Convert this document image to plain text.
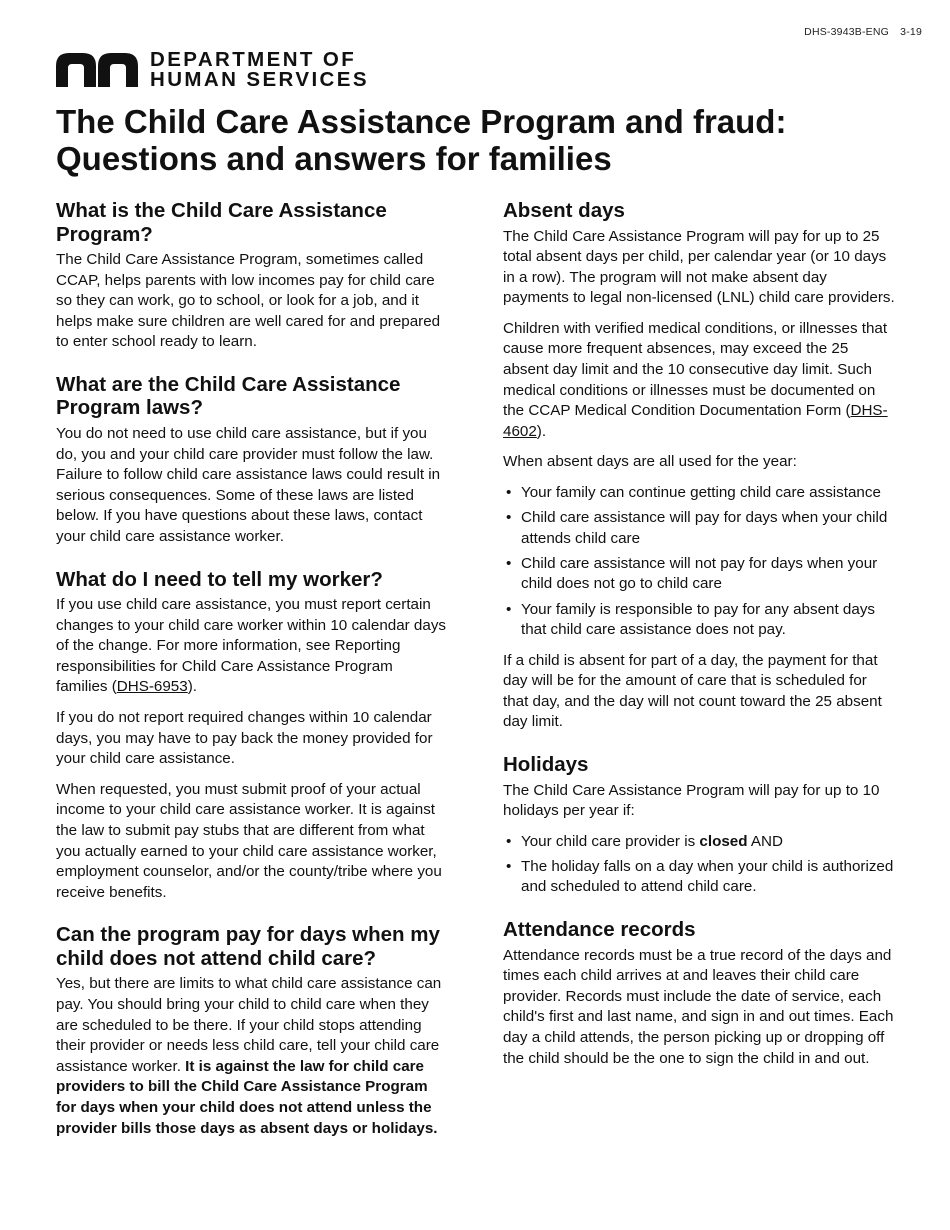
DHS-3943B-ENG 3-19
DEPARTMENT OF
HUMAN SERVICES
The Child Care Assistance Program and fraud:
Questions and answers for families
What is the Child Care Assistance Program?

The Child Care Assistance Program, sometimes called CCAP, helps parents with low incomes pay for child care so they can work, go to school, or look for a job, and it helps make sure children are well cared for and prepared to enter school ready to learn.

What are the Child Care Assistance Program laws?

You do not need to use child care assistance, but if you do, you and your child care provider must follow the law. Failure to follow child care assistance laws could result in serious consequences. Some of these laws are listed below. If you have questions about these laws, contact your child care assistance worker.

What do I need to tell my worker?

If you use child care assistance, you must report certain changes to your child care worker within 10 calendar days of the change. For more information, see Reporting responsibilities for Child Care Assistance Program families (DHS-6953).

If you do not report required changes within 10 calendar days, you may have to pay back the money provided for your child care assistance.

When requested, you must submit proof of your actual income to your child care assistance worker. It is against the law to submit pay stubs that are different from what you actually earned to your child care assistance worker, employment counselor, and/or the county/tribe where you receive benefits.

Can the program pay for days when my child does not attend child care?

Yes, but there are limits to what child care assistance can pay. You should bring your child to child care when they are scheduled to be there. If your child stops attending their provider or needs less child care, tell your child care assistance worker. It is against the law for child care providers to bill the Child Care Assistance Program for days when your child does not attend unless the provider bills those days as absent days or holidays.

Absent days

The Child Care Assistance Program will pay for up to 25 total absent days per child, per calendar year (or 10 days in a row). The program will not make absent day payments to legal non-licensed (LNL) child care providers.

Children with verified medical conditions, or illnesses that cause more frequent absences, may exceed the 25 absent day limit and the 10 consecutive day limit. Such medical conditions or illnesses must be documented on the CCAP Medical Condition Documentation Form (DHS-4602).

When absent days are all used for the year:

• Your family can continue getting child care assistance
• Child care assistance will pay for days when your child attends child care
• Child care assistance will not pay for days when your child does not go to child care
• Your family is responsible to pay for any absent days that child care assistance does not pay.

If a child is absent for part of a day, the payment for that day will be for the amount of care that is scheduled for that day, and the day will not count toward the 25 absent day limit.

Holidays

The Child Care Assistance Program will pay for up to 10 holidays per year if:

• Your child care provider is closed AND
• The holiday falls on a day when your child is authorized and scheduled to attend child care.
Attendance records

Attendance records must be a true record of the days and times each child arrives at and leaves their child care provider. Records must include the date of service, each child's first and last name, and sign in and out times. Each day a child attends, the person picking up or dropping off the child should be the one to sign the child in and out.
